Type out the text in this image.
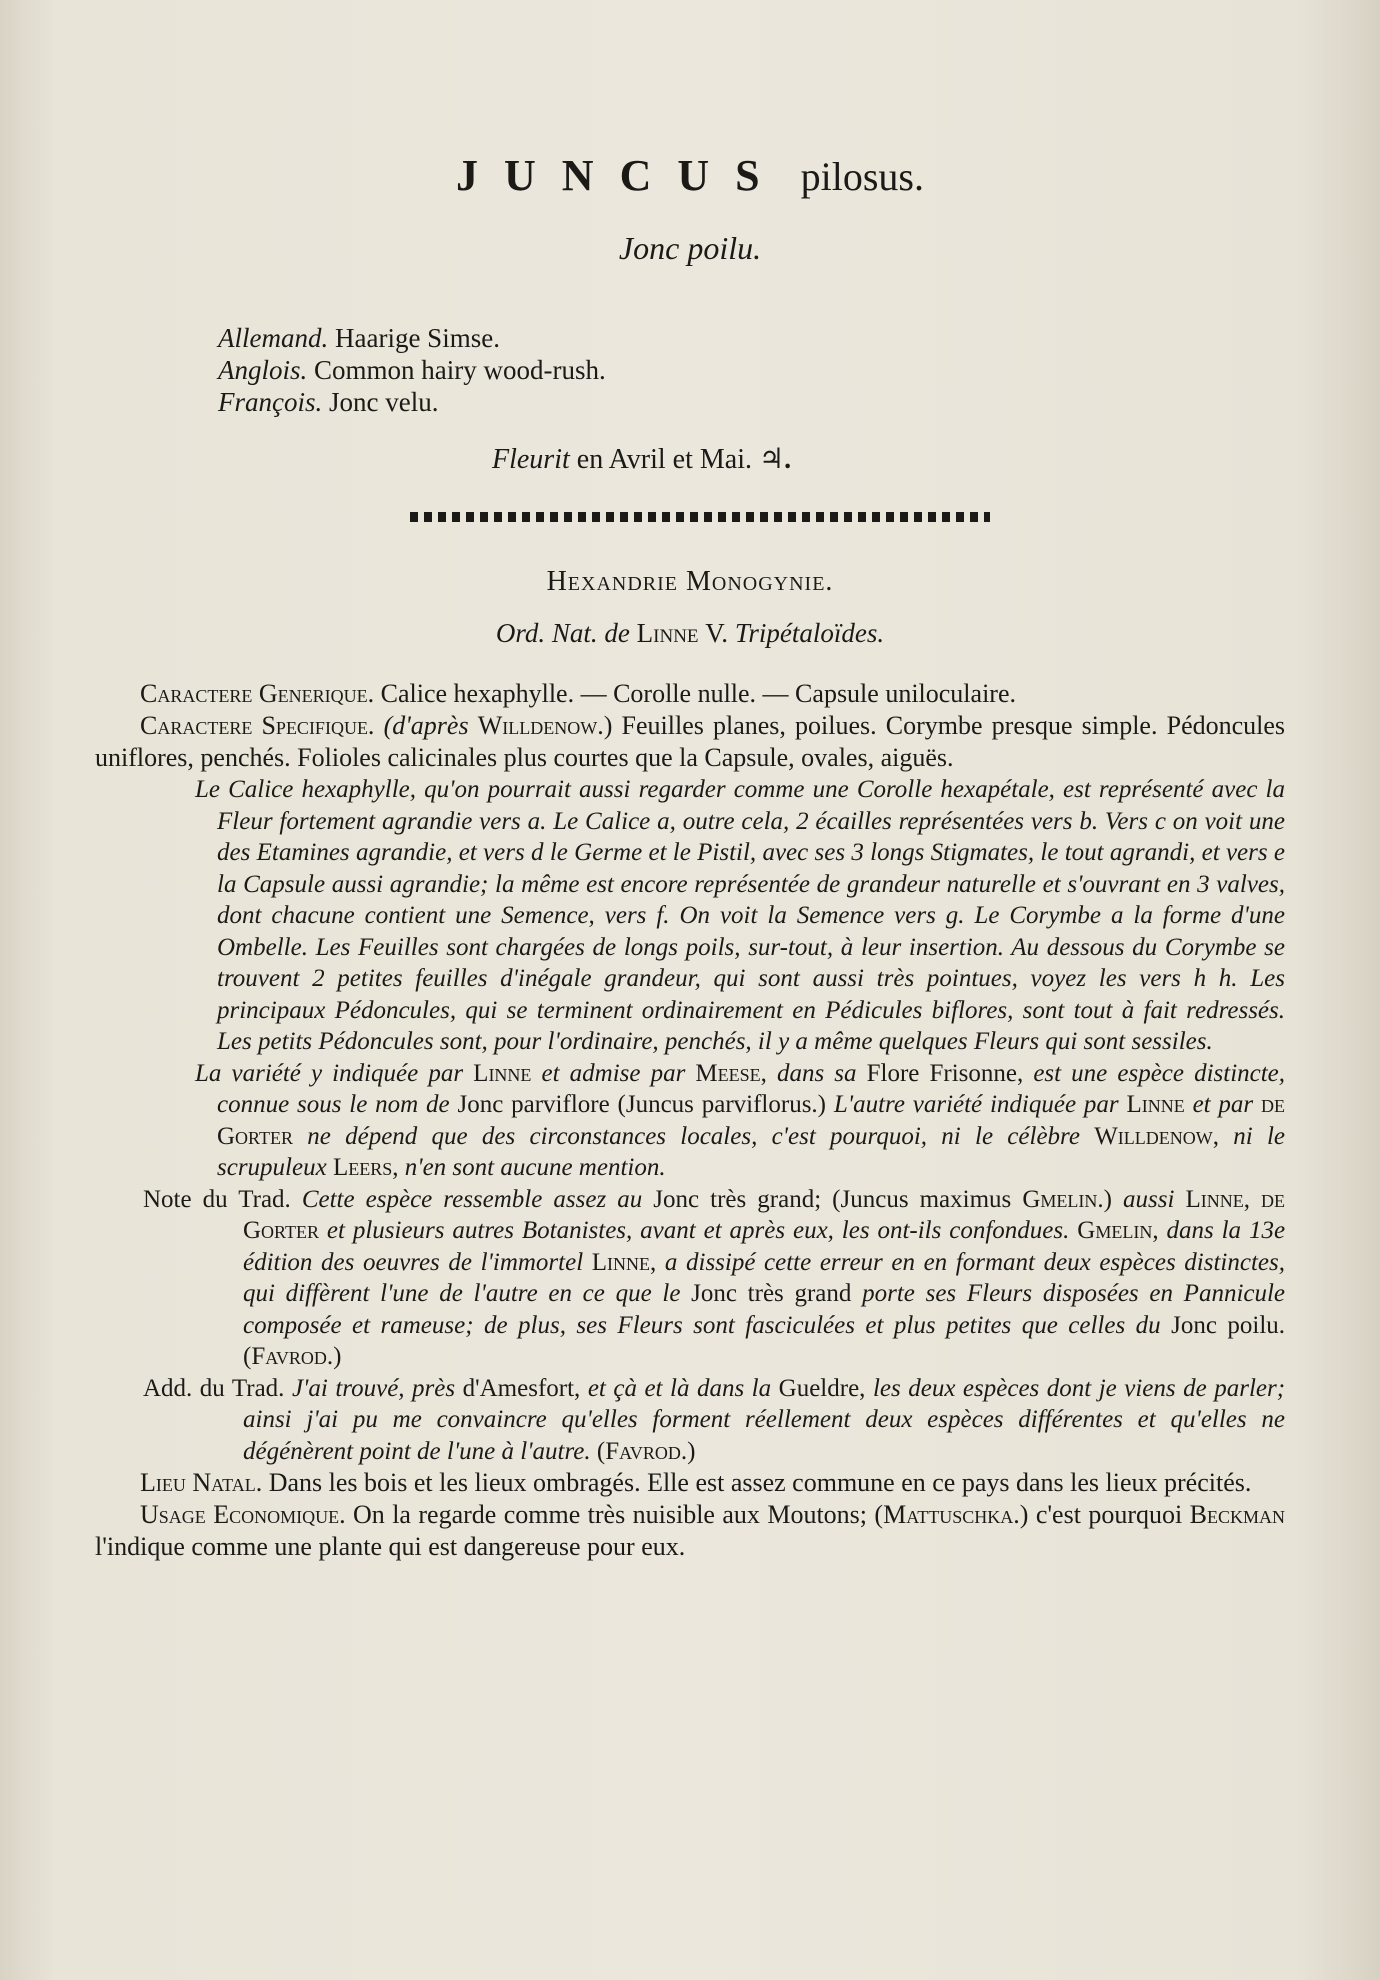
JUNCUS pilosus.
Jonc poilu.
Allemand. Haarige Simse.
Anglois. Common hairy wood-rush.
François. Jonc velu.
Fleurit en Avril et Mai. ♃.
Hexandrie Monogynie.
Ord. Nat. de Linne V. Tripétaloïdes.

Caractere Generique. Calice hexaphylle. — Corolle nulle. — Capsule uniloculaire.

Caractere Specifique. (d'après Willdenow.) Feuilles planes, poilues. Corymbe presque simple. Pédoncules uniflores, penchés. Folioles calicinales plus courtes que la Capsule, ovales, aiguës.

Le Calice hexaphylle, qu'on pourrait aussi regarder comme une Corolle hexapétale, est représenté avec la Fleur fortement agrandie vers a. Le Calice a, outre cela, 2 écailles représentées vers b. Vers c on voit une des Etamines agrandie, et vers d le Germe et le Pistil, avec ses 3 longs Stigmates, le tout agrandi, et vers e la Capsule aussi agrandie; la même est encore représentée de grandeur naturelle et s'ouvrant en 3 valves, dont chacune contient une Semence, vers f. On voit la Semence vers g. Le Corymbe a la forme d'une Ombelle. Les Feuilles sont chargées de longs poils, sur-tout, à leur insertion. Au dessous du Corymbe se trouvent 2 petites feuilles d'inégale grandeur, qui sont aussi très pointues, voyez les vers h h. Les principaux Pédoncules, qui se terminent ordinairement en Pédicules biflores, sont tout à fait redressés. Les petits Pédoncules sont, pour l'ordinaire, penchés, il y a même quelques Fleurs qui sont sessiles.

La variété y indiquée par Linne et admise par Meese, dans sa Flore Frisonne, est une espèce distincte, connue sous le nom de Jonc parviflore (Juncus parviflorus.) L'autre variété indiquée par Linne et par de Gorter ne dépend que des circonstances locales, c'est pourquoi, ni le célèbre Willdenow, ni le scrupuleux Leers, n'en sont aucune mention.

Note du Trad. Cette espèce ressemble assez au Jonc très grand; (Juncus maximus Gmelin.) aussi Linne, de Gorter et plusieurs autres Botanistes, avant et après eux, les ont-ils confondues. Gmelin, dans la 13e édition des oeuvres de l'immortel Linne, a dissipé cette erreur en en formant deux espèces distinctes, qui diffèrent l'une de l'autre en ce que le Jonc très grand porte ses Fleurs disposées en Pannicule composée et rameuse; de plus, ses Fleurs sont fasciculées et plus petites que celles du Jonc poilu. (Favrod.)

Add. du Trad. J'ai trouvé, près d'Amesfort, et çà et là dans la Gueldre, les deux espèces dont je viens de parler; ainsi j'ai pu me convaincre qu'elles forment réellement deux espèces différentes et qu'elles ne dégénèrent point de l'une à l'autre. (Favrod.)

Lieu Natal. Dans les bois et les lieux ombragés. Elle est assez commune en ce pays dans les lieux précités.

Usage Economique. On la regarde comme très nuisible aux Moutons; (Mattuschka.) c'est pourquoi Beckman l'indique comme une plante qui est dangereuse pour eux.
